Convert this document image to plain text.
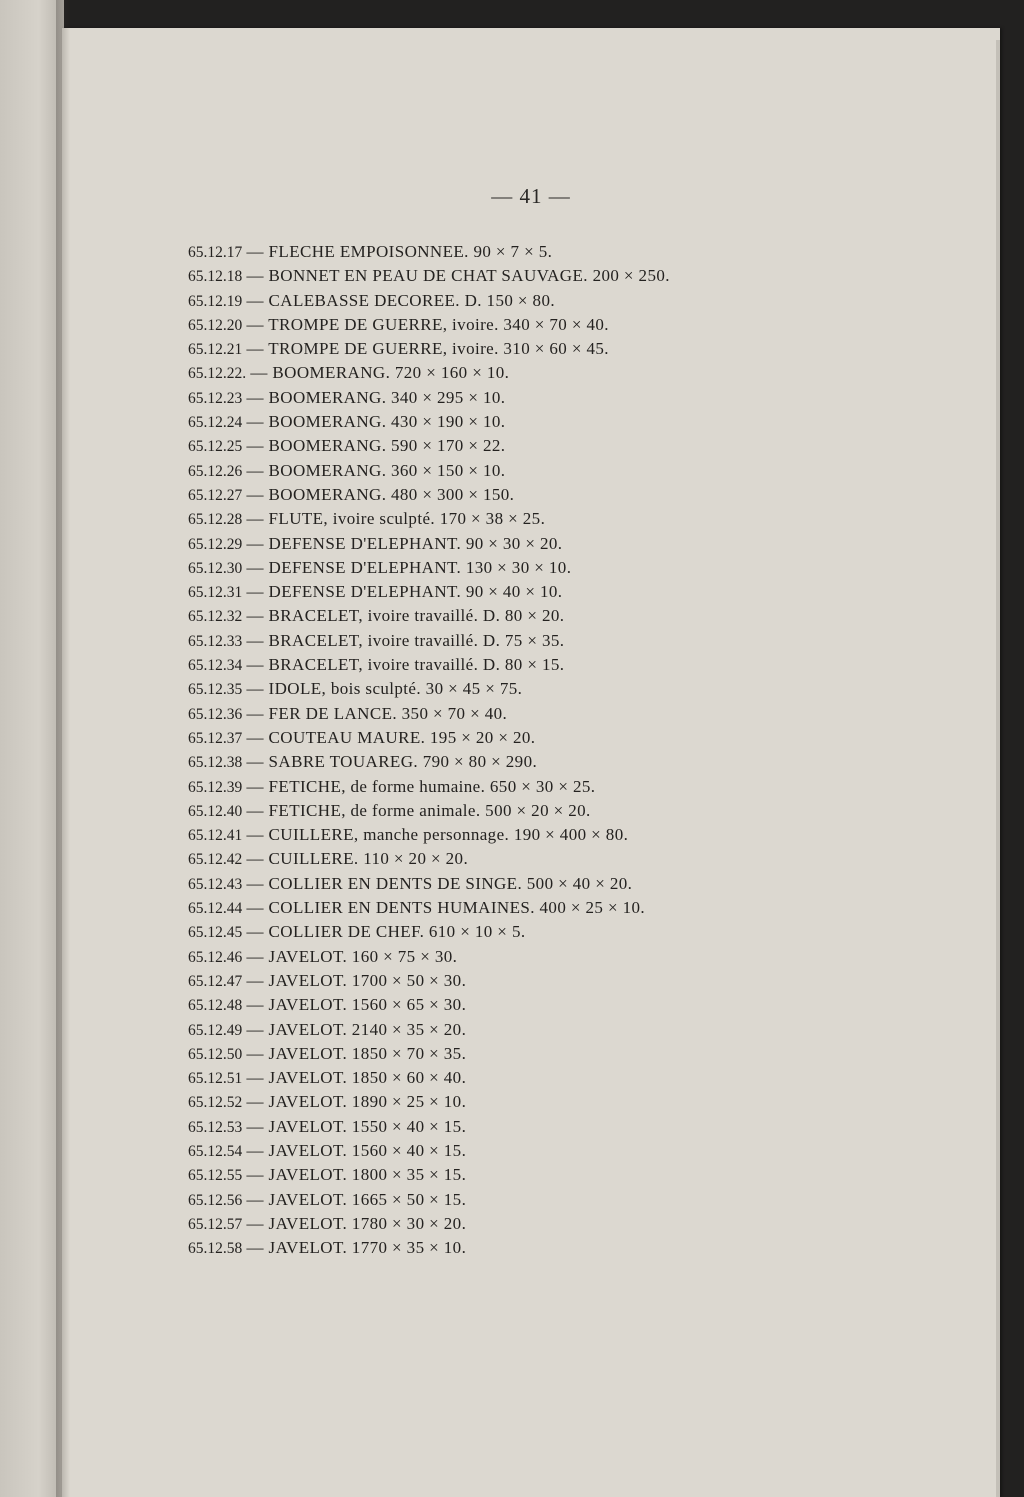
— 41 —
65.12.17 — FLECHE EMPOISONNEE. 90 × 7 × 5.
65.12.18 — BONNET EN PEAU DE CHAT SAUVAGE. 200 × 250.
65.12.19 — CALEBASSE DECOREE. D. 150 × 80.
65.12.20 — TROMPE DE GUERRE, ivoire. 340 × 70 × 40.
65.12.21 — TROMPE DE GUERRE, ivoire. 310 × 60 × 45.
65.12.22. — BOOMERANG. 720 × 160 × 10.
65.12.23 — BOOMERANG. 340 × 295 × 10.
65.12.24 — BOOMERANG. 430 × 190 × 10.
65.12.25 — BOOMERANG. 590 × 170 × 22.
65.12.26 — BOOMERANG. 360 × 150 × 10.
65.12.27 — BOOMERANG. 480 × 300 × 150.
65.12.28 — FLUTE, ivoire sculpté. 170 × 38 × 25.
65.12.29 — DEFENSE D'ELEPHANT. 90 × 30 × 20.
65.12.30 — DEFENSE D'ELEPHANT. 130 × 30 × 10.
65.12.31 — DEFENSE D'ELEPHANT. 90 × 40 × 10.
65.12.32 — BRACELET, ivoire travaillé. D. 80 × 20.
65.12.33 — BRACELET, ivoire travaillé. D. 75 × 35.
65.12.34 — BRACELET, ivoire travaillé. D. 80 × 15.
65.12.35 — IDOLE, bois sculpté. 30 × 45 × 75.
65.12.36 — FER DE LANCE. 350 × 70 × 40.
65.12.37 — COUTEAU MAURE. 195 × 20 × 20.
65.12.38 — SABRE TOUAREG. 790 × 80 × 290.
65.12.39 — FETICHE, de forme humaine. 650 × 30 × 25.
65.12.40 — FETICHE, de forme animale. 500 × 20 × 20.
65.12.41 — CUILLERE, manche personnage. 190 × 400 × 80.
65.12.42 — CUILLERE. 110 × 20 × 20.
65.12.43 — COLLIER EN DENTS DE SINGE. 500 × 40 × 20.
65.12.44 — COLLIER EN DENTS HUMAINES. 400 × 25 × 10.
65.12.45 — COLLIER DE CHEF. 610 × 10 × 5.
65.12.46 — JAVELOT. 160 × 75 × 30.
65.12.47 — JAVELOT. 1700 × 50 × 30.
65.12.48 — JAVELOT. 1560 × 65 × 30.
65.12.49 — JAVELOT. 2140 × 35 × 20.
65.12.50 — JAVELOT. 1850 × 70 × 35.
65.12.51 — JAVELOT. 1850 × 60 × 40.
65.12.52 — JAVELOT. 1890 × 25 × 10.
65.12.53 — JAVELOT. 1550 × 40 × 15.
65.12.54 — JAVELOT. 1560 × 40 × 15.
65.12.55 — JAVELOT. 1800 × 35 × 15.
65.12.56 — JAVELOT. 1665 × 50 × 15.
65.12.57 — JAVELOT. 1780 × 30 × 20.
65.12.58 — JAVELOT. 1770 × 35 × 10.
